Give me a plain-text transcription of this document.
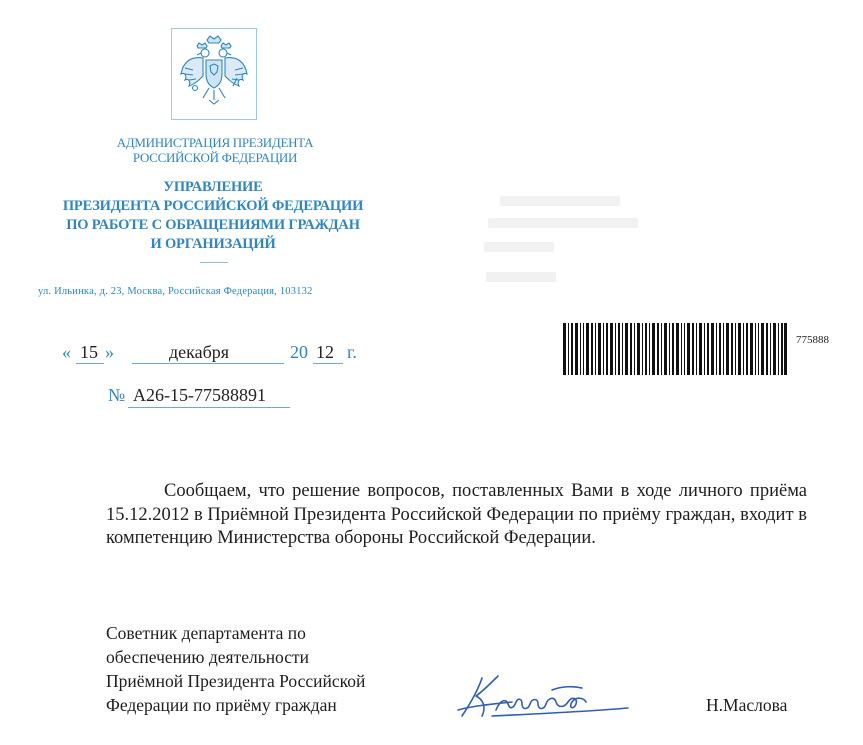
АДМИНИСТРАЦИЯ ПРЕЗИДЕНТА
РОССИЙСКОЙ ФЕДЕРАЦИИ
УПРАВЛЕНИЕ
ПРЕЗИДЕНТА РОССИЙСКОЙ ФЕДЕРАЦИИ
ПО РАБОТЕ С ОБРАЩЕНИЯМИ ГРАЖДАН
И ОРГАНИЗАЦИЙ
ул. Ильинка, д. 23, Москва, Российская Федерация, 103132
« 15 »	декабря	20 12 г.
№ А26-15-77588891
775888
Сообщаем, что решение вопросов, поставленных Вами в ходе личного приёма 15.12.2012 в Приёмной Президента Российской Федерации по приёму граждан, входит в компетенцию Министерства обороны Российской Федерации.
Советник департамента по
обеспечению деятельности
Приёмной Президента Российской
Федерации по приёму граждан	Н.Маслова
